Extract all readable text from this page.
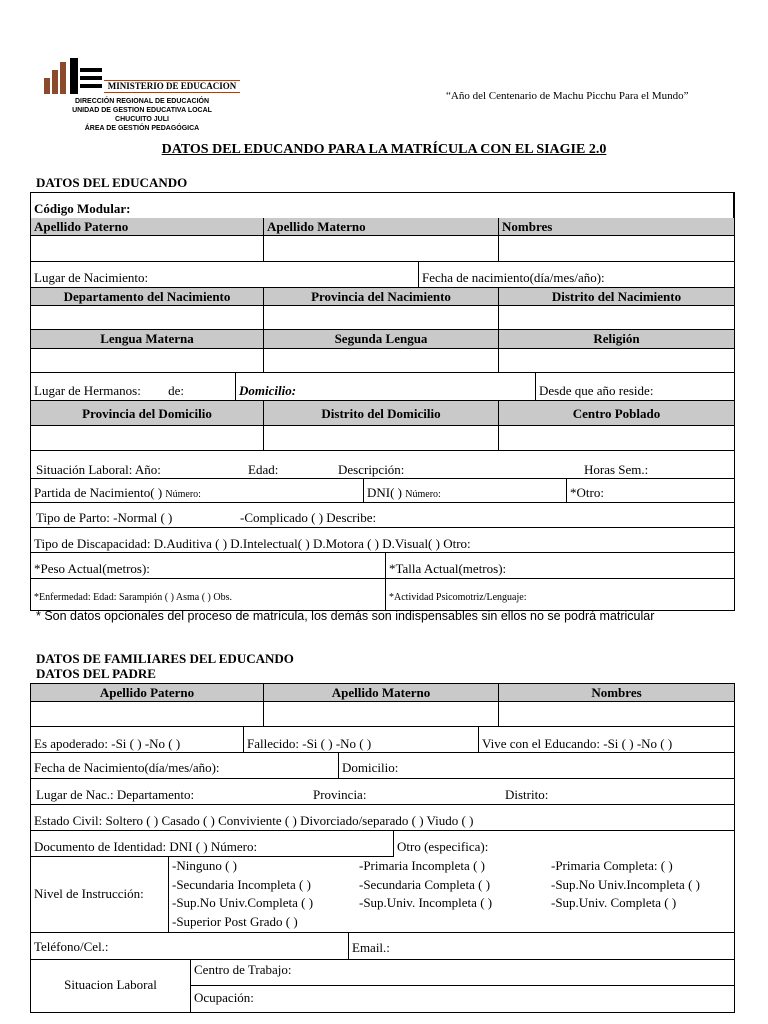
MINISTERIO DE EDUCACION
DIRECCIÓN REGIONAL DE EDUCACIÓN
UNIDAD DE GESTION EDUCATIVA LOCAL
CHUCUITO JULI
ÁREA DE GESTIÓN PEDAGÓGICA
“Año del Centenario de Machu Picchu Para el Mundo”
DATOS DEL EDUCANDO PARA LA MATRÍCULA CON EL SIAGIE 2.0
DATOS DEL EDUCANDO
Código Modular:
Apellido Paterno	Apellido Materno	Nombres
Lugar de Nacimiento:	Fecha de nacimiento(día/mes/año):
Departamento del Nacimiento	Provincia del Nacimiento	Distrito del Nacimiento
Lengua Materna	Segunda Lengua	Religión
Lugar de Hermanos: de:	Domicilio:	Desde que año reside:
Provincia del Domicilio	Distrito del Domicilio	Centro Poblado
Situación Laboral: Año:	Edad:	Descripción:	Horas Sem.:
Partida de Nacimiento( ) Número:	DNI( ) Número:	*Otro:
Tipo de Parto: -Normal ( )	-Complicado ( ) Describe:
Tipo de Discapacidad: D.Auditiva ( ) D.Intelectual( ) D.Motora ( ) D.Visual( ) Otro:
*Peso Actual(metros):	*Talla Actual(metros):
*Enfermedad: Edad: Sarampión ( ) Asma ( ) Obs.	*Actividad Psicomotriz/Lenguaje:
* Son datos opcionales del proceso de matrícula, los demás son indispensables sin ellos no se podrá matricular
DATOS DE FAMILIARES DEL EDUCANDO
DATOS DEL PADRE
Apellido Paterno	Apellido Materno	Nombres
Es apoderado: -Si ( ) -No ( )	Fallecido: -Si ( ) -No ( )	Vive con el Educando: -Si ( ) -No ( )
Fecha de Nacimiento(día/mes/año):	Domicilio:
Lugar de Nac.: Departamento:	Provincia:	Distrito:
Estado Civil: Soltero ( ) Casado ( ) Conviviente ( ) Divorciado/separado ( ) Viudo ( )
Documento de Identidad: DNI ( ) Número:	Otro (especifica):
Nivel de Instrucción:
-Ninguno ( )
-Secundaria Incompleta ( )
-Sup.No Univ.Completa ( )
-Superior Post Grado ( )
-Primaria Incompleta ( )
-Secundaria Completa ( )
-Sup.Univ. Incompleta ( )
-Primaria Completa: ( )
-Sup.No Univ.Incompleta ( )
-Sup.Univ. Completa ( )
Teléfono/Cel.:	Email.:
Situacion Laboral
Centro de Trabajo:
Ocupación:
